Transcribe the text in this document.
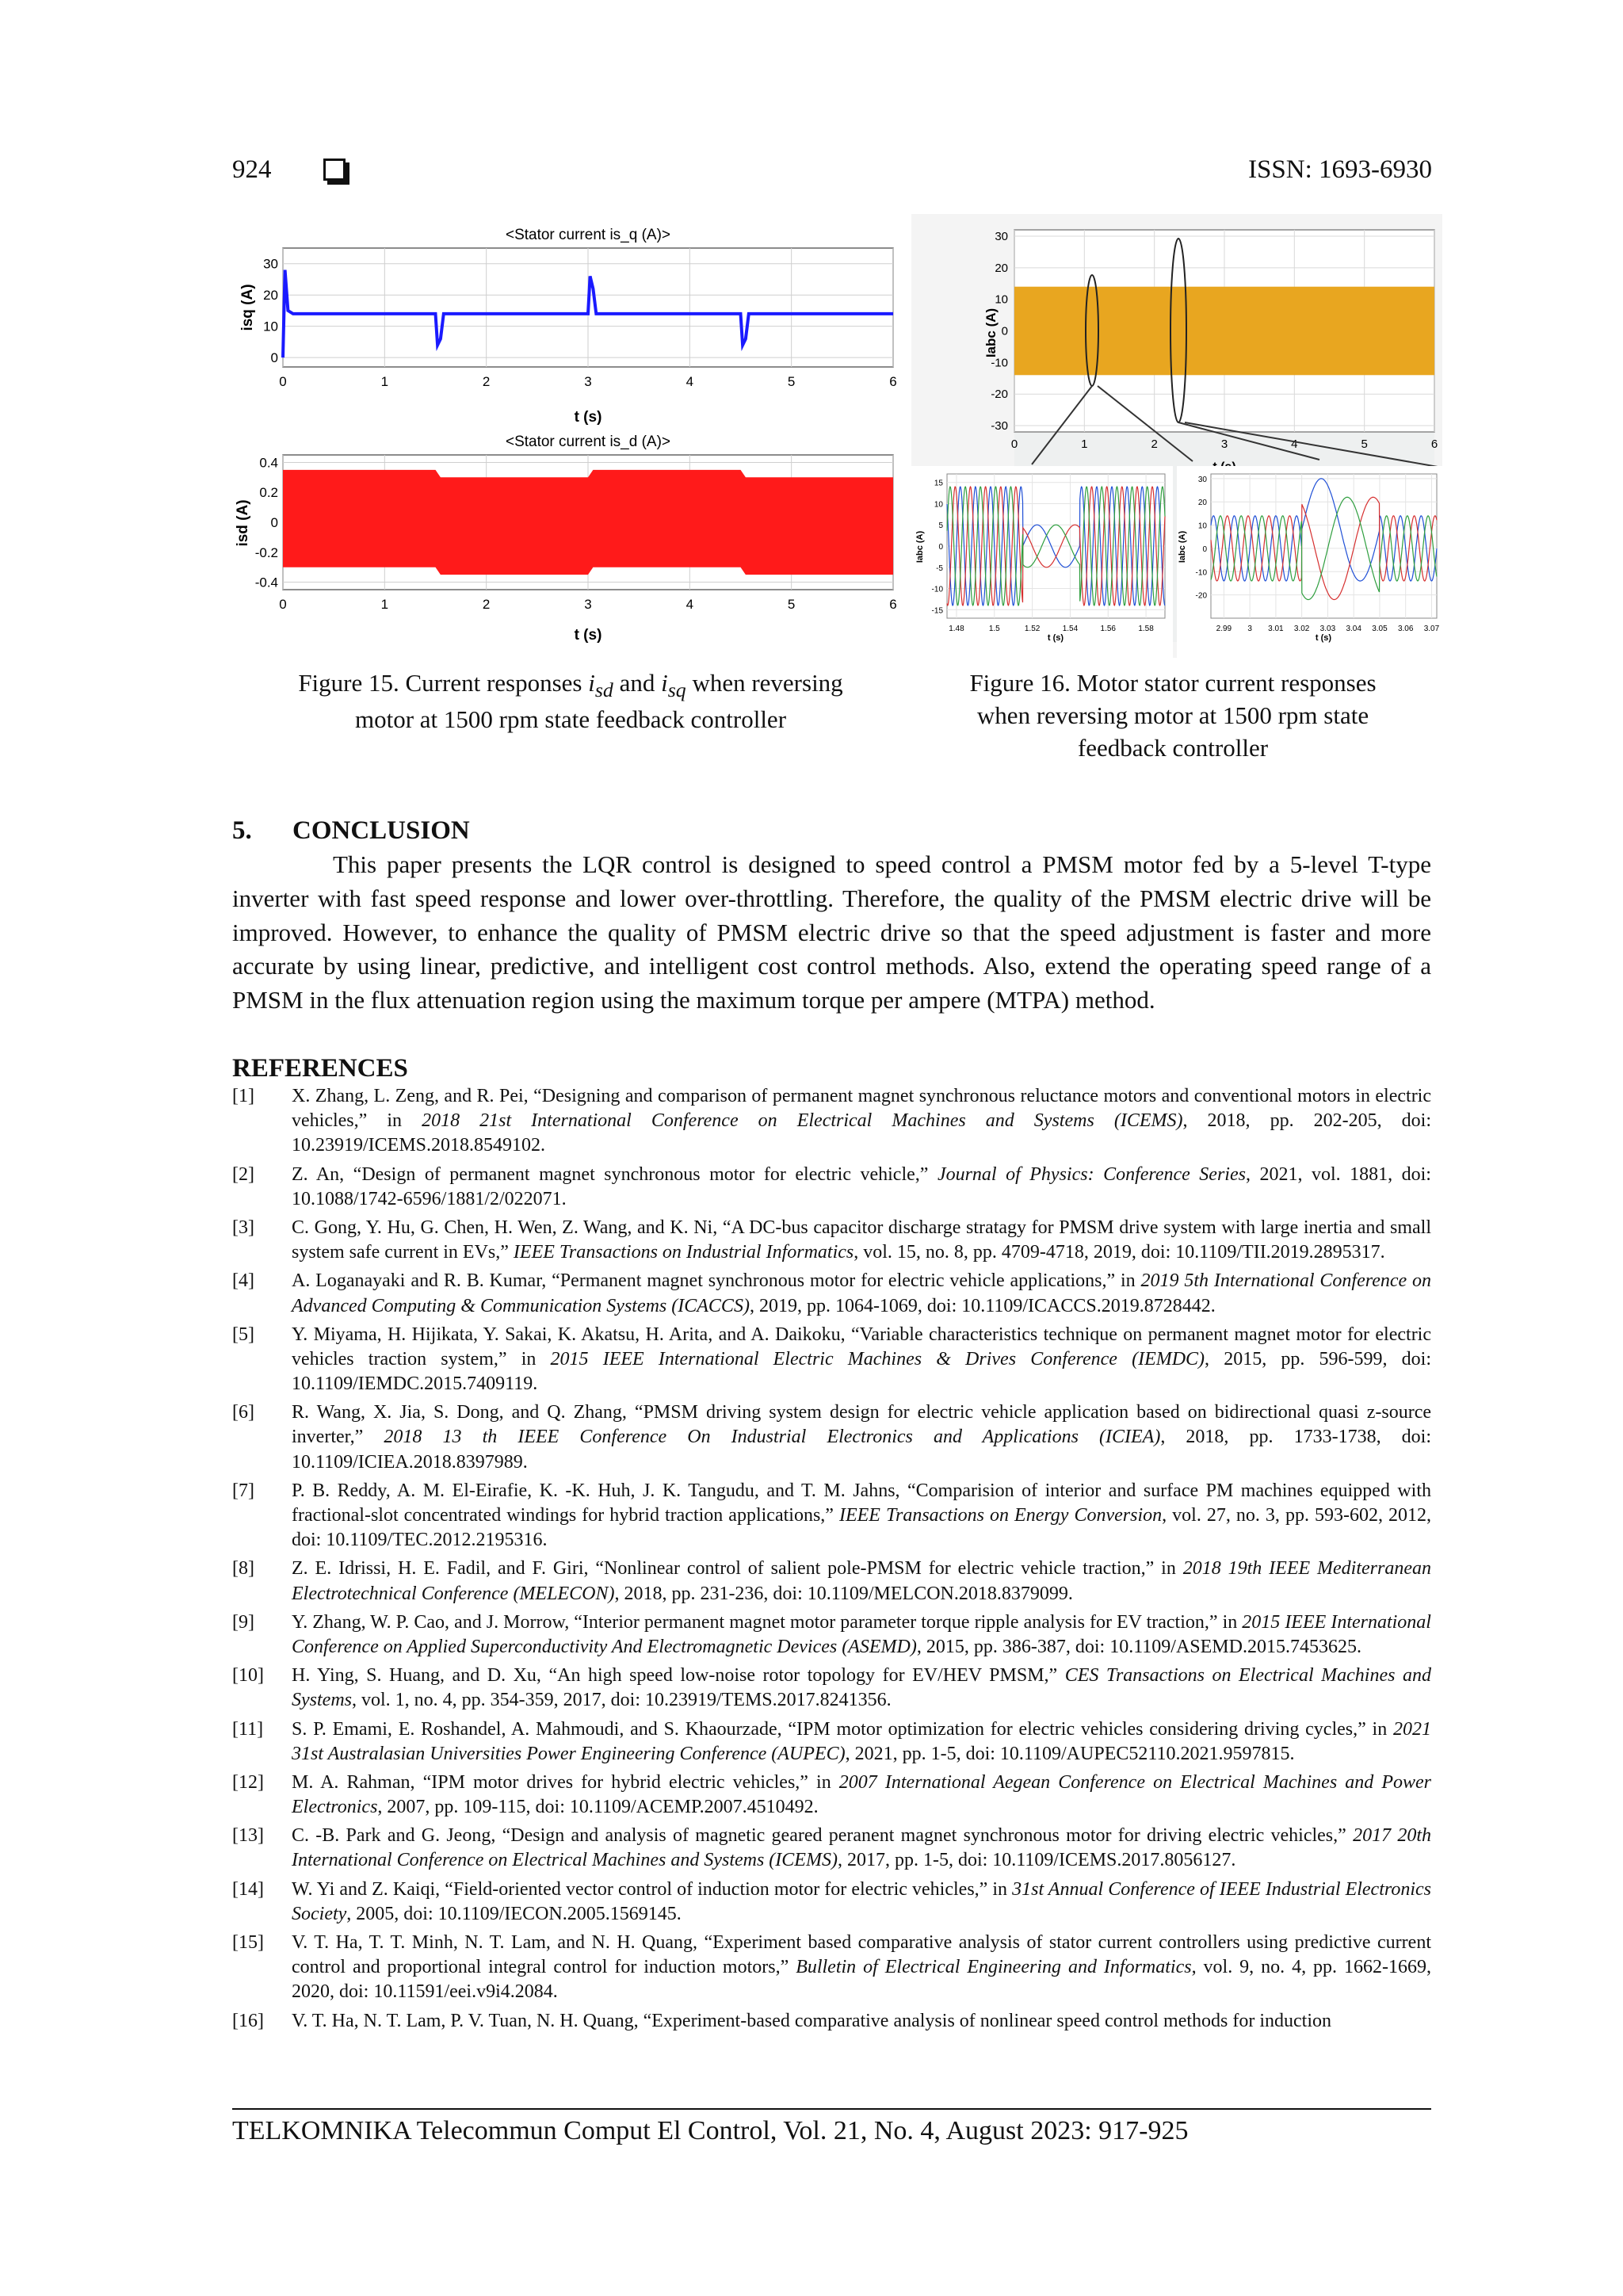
924	ISSN: 1693-6930
<Stator current is_q (A)>
30
20
10
0
0	1	2	3	4	5	6
t (s)
isq (A)
<Stator current is_d (A)>
0.4
0.2
0
-0.2
-0.4
0	1	2	3	4	5	6
t (s)
isd (A)
Figure 15. Current responses $i_{sd}$ and $i_{sq}$ when reversing
motor at 1500 rpm state feedback controller
30
20
10
0
-10
-20
-30
0	1	2	3	4	5	6
Iabc (A)
15
10
5
0
-5
-10
-15
1.48	1.5	1.52	1.54	1.56	1.58
t (s)
Iabc (A)
30
20
10
0
-10
-20
2.99 3 3.01 3.02 3.03 3.04 3.05 3.06 3.07
t (s)
Iabc (A)
Figure 16. Motor stator current responses
when reversing motor at 1500 rpm state
feedback controller
5. CONCLUSION
This paper presents the LQR control is designed to speed control a PMSM motor fed by a 5-level T-type inverter with fast speed response and lower over-throttling. Therefore, the quality of the PMSM electric drive will be improved. However, to enhance the quality of PMSM electric drive so that the speed adjustment is faster and more accurate by using linear, predictive, and intelligent cost control methods. Also, extend the operating speed range of a PMSM in the flux attenuation region using the maximum torque per ampere (MTPA) method.
REFERENCES
[1]	X. Zhang, L. Zeng, and R. Pei, “Designing and comparison of permanent magnet synchronous reluctance motors and conventional motors in electric vehicles,” in 2018 21st International Conference on Electrical Machines and Systems (ICEMS), 2018, pp. 202-205, doi: 10.23919/ICEMS.2018.8549102.
[2]	Z. An, “Design of permanent magnet synchronous motor for electric vehicle,” Journal of Physics: Conference Series, 2021, vol. 1881, doi: 10.1088/1742-6596/1881/2/022071.
[3]	C. Gong, Y. Hu, G. Chen, H. Wen, Z. Wang, and K. Ni, “A DC-bus capacitor discharge stratagy for PMSM drive system with large inertia and small system safe current in EVs,” IEEE Transactions on Industrial Informatics, vol. 15, no. 8, pp. 4709-4718, 2019, doi: 10.1109/TII.2019.2895317.
[4]	A. Loganayaki and R. B. Kumar, “Permanent magnet synchronous motor for electric vehicle applications,” in 2019 5th International Conference on Advanced Computing & Communication Systems (ICACCS), 2019, pp. 1064-1069, doi: 10.1109/ICACCS.2019.8728442.
[5]	Y. Miyama, H. Hijikata, Y. Sakai, K. Akatsu, H. Arita, and A. Daikoku, “Variable characteristics technique on permanent magnet motor for electric vehicles traction system,” in 2015 IEEE International Electric Machines & Drives Conference (IEMDC), 2015, pp. 596-599, doi: 10.1109/IEMDC.2015.7409119.
[6]	R. Wang, X. Jia, S. Dong, and Q. Zhang, “PMSM driving system design for electric vehicle application based on bidirectional quasi z-source inverter,” 2018 13 th IEEE Conference On Industrial Electronics and Applications (ICIEA), 2018, pp. 1733-1738, doi: 10.1109/ICIEA.2018.8397989.
[7]	P. B. Reddy, A. M. El-Eirafie, K. -K. Huh, J. K. Tangudu, and T. M. Jahns, “Comparision of interior and surface PM machines equipped with fractional-slot concentrated windings for hybrid traction applications,” IEEE Transactions on Energy Conversion, vol. 27, no. 3, pp. 593-602, 2012, doi: 10.1109/TEC.2012.2195316.
[8]	Z. E. Idrissi, H. E. Fadil, and F. Giri, “Nonlinear control of salient pole-PMSM for electric vehicle traction,” in 2018 19th IEEE Mediterranean Electrotechnical Conference (MELECON), 2018, pp. 231-236, doi: 10.1109/MELCON.2018.8379099.
[9]	Y. Zhang, W. P. Cao, and J. Morrow, “Interior permanent magnet motor parameter torque ripple analysis for EV traction,” in 2015 IEEE International Conference on Applied Superconductivity And Electromagnetic Devices (ASEMD), 2015, pp. 386-387, doi: 10.1109/ASEMD.2015.7453625.
[10]	H. Ying, S. Huang, and D. Xu, “An high speed low-noise rotor topology for EV/HEV PMSM,” CES Transactions on Electrical Machines and Systems, vol. 1, no. 4, pp. 354-359, 2017, doi: 10.23919/TEMS.2017.8241356.
[11]	S. P. Emami, E. Roshandel, A. Mahmoudi, and S. Khaourzade, “IPM motor optimization for electric vehicles considering driving cycles,” in 2021 31st Australasian Universities Power Engineering Conference (AUPEC), 2021, pp. 1-5, doi: 10.1109/AUPEC52110.2021.9597815.
[12]	M. A. Rahman, “IPM motor drives for hybrid electric vehicles,” in 2007 International Aegean Conference on Electrical Machines and Power Electronics, 2007, pp. 109-115, doi: 10.1109/ACEMP.2007.4510492.
[13]	C. -B. Park and G. Jeong, “Design and analysis of magnetic geared peranent magnet synchronous motor for driving electric vehicles,” 2017 20th International Conference on Electrical Machines and Systems (ICEMS), 2017, pp. 1-5, doi: 10.1109/ICEMS.2017.8056127.
[14]	W. Yi and Z. Kaiqi, “Field-oriented vector control of induction motor for electric vehicles,” in 31st Annual Conference of IEEE Industrial Electronics Society, 2005, doi: 10.1109/IECON.2005.1569145.
[15]	V. T. Ha, T. T. Minh, N. T. Lam, and N. H. Quang, “Experiment based comparative analysis of stator current controllers using predictive current control and proportional integral control for induction motors,” Bulletin of Electrical Engineering and Informatics, vol. 9, no. 4, pp. 1662-1669, 2020, doi: 10.11591/eei.v9i4.2084.
[16]	V. T. Ha, N. T. Lam, P. V. Tuan, N. H. Quang, “Experiment-based comparative analysis of nonlinear speed control methods for induction
TELKOMNIKA Telecommun Comput El Control, Vol. 21, No. 4, August 2023: 917-925
